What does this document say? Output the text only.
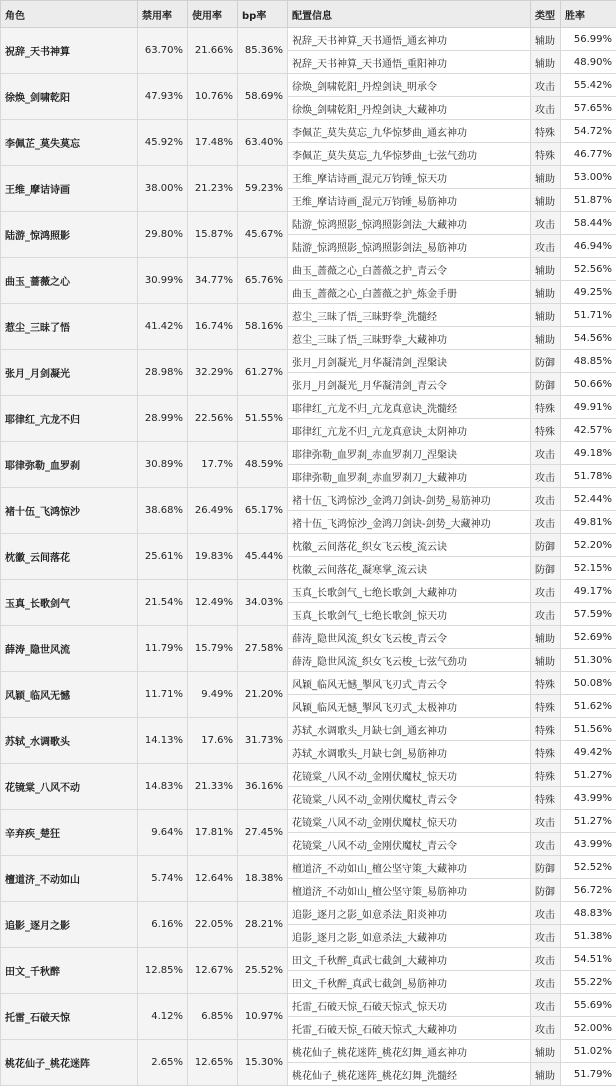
角色	禁用率	使用率	bp率	配置信息	类型	胜率
祝辞_天书神算	63.70%	21.66%	85.36%	祝辞_天书神算_天书通悟_通玄神功	辅助	56.99%
				祝辞_天书神算_天书通悟_重阳神功	辅助	48.90%
徐焕_剑啸乾阳	47.93%	10.76%	58.69%	徐焕_剑啸乾阳_丹煌剑诀_明承令	攻击	55.42%
				徐焕_剑啸乾阳_丹煌剑诀_大藏神功	攻击	57.65%
李佩芷_莫失莫忘	45.92%	17.48%	63.40%	李佩芷_莫失莫忘_九华惊梦曲_通玄神功	特殊	54.72%
				李佩芷_莫失莫忘_九华惊梦曲_七弦气劲功	特殊	46.77%
王维_摩诘诗画	38.00%	21.23%	59.23%	王维_摩诘诗画_混元万钧锤_惊天功	辅助	53.00%
				王维_摩诘诗画_混元万钧锤_易筋神功	辅助	51.87%
陆游_惊鸿照影	29.80%	15.87%	45.67%	陆游_惊鸿照影_惊鸿照影剑法_大藏神功	攻击	58.44%
				陆游_惊鸿照影_惊鸿照影剑法_易筋神功	攻击	46.94%
曲玉_蔷薇之心	30.99%	34.77%	65.76%	曲玉_蔷薇之心_白蔷薇之护_青云令	辅助	52.56%
				曲玉_蔷薇之心_白蔷薇之护_炼金手册	辅助	49.25%
惹尘_三昧了悟	41.42%	16.74%	58.16%	惹尘_三昧了悟_三昧野拳_洗髓经	辅助	51.71%
				惹尘_三昧了悟_三昧野拳_大藏神功	辅助	54.56%
张月_月剑凝光	28.98%	32.29%	61.27%	张月_月剑凝光_月华凝清剑_涅槃诀	防御	48.85%
				张月_月剑凝光_月华凝清剑_青云令	防御	50.66%
耶律红_亢龙不归	28.99%	22.56%	51.55%	耶律红_亢龙不归_亢龙真意诀_洗髓经	特殊	49.91%
				耶律红_亢龙不归_亢龙真意诀_太阴神功	特殊	42.57%
耶律弥勒_血罗刹	30.89%	17.7%	48.59%	耶律弥勒_血罗刹_赤血罗刹刀_涅槃诀	攻击	49.18%
				耶律弥勒_血罗刹_赤血罗刹刀_大藏神功	攻击	51.78%
褚十伍_飞鸿惊沙	38.68%	26.49%	65.17%	褚十伍_飞鸿惊沙_金鸿刀剑诀-剑势_易筋神功	攻击	52.44%
				褚十伍_飞鸿惊沙_金鸿刀剑诀-剑势_大藏神功	攻击	49.81%
枕徽_云间落花	25.61%	19.83%	45.44%	枕徽_云间落花_织女飞云梭_流云诀	防御	52.20%
				枕徽_云间落花_凝寒掌_流云诀	防御	52.15%
玉真_长歌剑气	21.54%	12.49%	34.03%	玉真_长歌剑气_七绝长歌剑_大藏神功	攻击	49.17%
				玉真_长歌剑气_七绝长歌剑_惊天功	攻击	57.59%
薛涛_隐世风流	11.79%	15.79%	27.58%	薛涛_隐世风流_织女飞云梭_青云令	辅助	52.69%
				薛涛_隐世风流_织女飞云梭_七弦气劲功	辅助	51.30%
风颖_临风无憾	11.71%	9.49%	21.20%	风颖_临风无憾_掣风飞刃式_青云令	特殊	50.08%
				风颖_临风无憾_掣风飞刃式_太极神功	特殊	51.62%
苏轼_水调歌头	14.13%	17.6%	31.73%	苏轼_水调歌头_月缺七剑_通玄神功	特殊	51.56%
				苏轼_水调歌头_月缺七剑_易筋神功	特殊	49.42%
花镜棠_八风不动	14.83%	21.33%	36.16%	花镜棠_八风不动_金刚伏魔杖_惊天功	特殊	51.27%
				花镜棠_八风不动_金刚伏魔杖_青云令	特殊	43.99%
辛弃疾_楚狂	9.64%	17.81%	27.45%	花镜棠_八风不动_金刚伏魔杖_惊天功	攻击	51.27%
				花镜棠_八风不动_金刚伏魔杖_青云令	攻击	43.99%
檀道济_不动如山	5.74%	12.64%	18.38%	檀道济_不动如山_檀公坚守策_大藏神功	防御	52.52%
				檀道济_不动如山_檀公坚守策_易筋神功	防御	56.72%
追影_逐月之影	6.16%	22.05%	28.21%	追影_逐月之影_如意杀法_阳炎神功	攻击	48.83%
				追影_逐月之影_如意杀法_大藏神功	攻击	51.38%
田文_千秋醉	12.85%	12.67%	25.52%	田文_千秋醉_真武七截剑_大藏神功	攻击	54.51%
				田文_千秋醉_真武七截剑_易筋神功	攻击	55.22%
托雷_石破天惊	4.12%	6.85%	10.97%	托雷_石破天惊_石破天惊式_惊天功	攻击	55.69%
				托雷_石破天惊_石破天惊式_大藏神功	攻击	52.00%
桃花仙子_桃花迷阵	2.65%	12.65%	15.30%	桃花仙子_桃花迷阵_桃花幻舞_通玄神功	辅助	51.02%
				桃花仙子_桃花迷阵_桃花幻舞_洗髓经	辅助	51.79%
